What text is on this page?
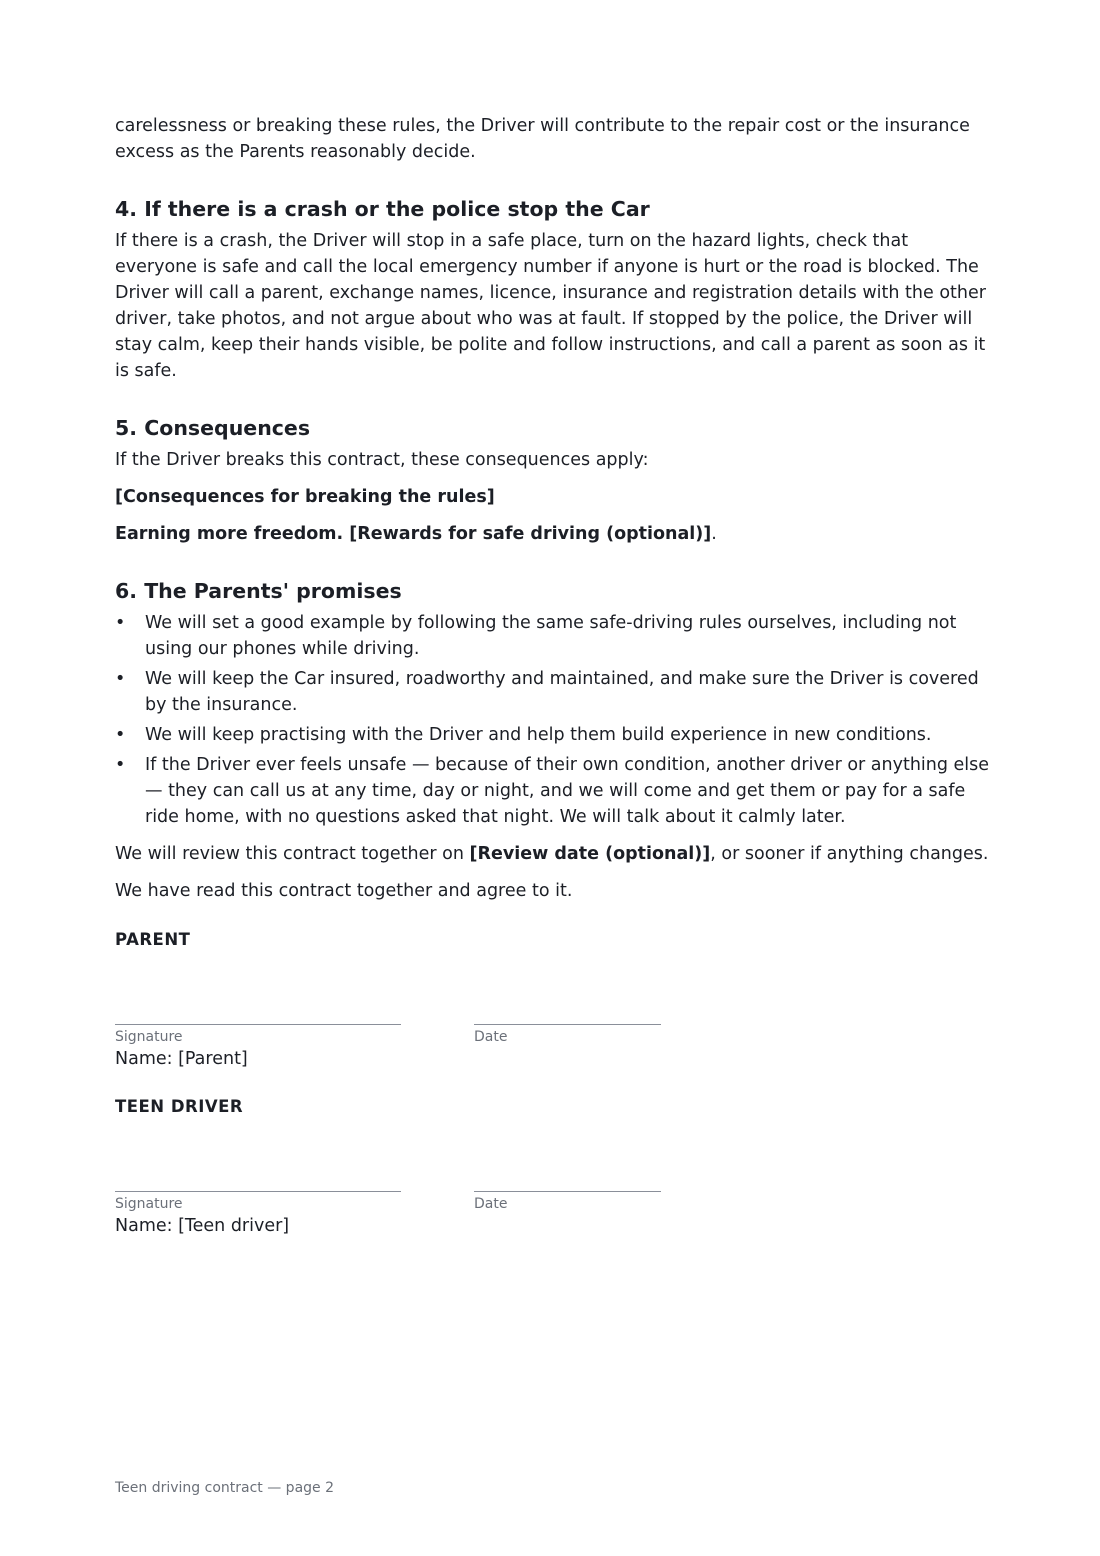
carelessness or breaking these rules, the Driver will contribute to the repair cost or the insurance excess as the Parents reasonably decide.

4. If there is a crash or the police stop the Car

If there is a crash, the Driver will stop in a safe place, turn on the hazard lights, check that everyone is safe and call the local emergency number if anyone is hurt or the road is blocked. The Driver will call a parent, exchange names, licence, insurance and registration details with the other driver, take photos, and not argue about who was at fault. If stopped by the police, the Driver will stay calm, keep their hands visible, be polite and follow instructions, and call a parent as soon as it is safe.

5. Consequences

If the Driver breaks this contract, these consequences apply:

[Consequences for breaking the rules]

Earning more freedom. [Rewards for safe driving (optional)].

6. The Parents' promises
• We will set a good example by following the same safe-driving rules ourselves, including not using our phones while driving.
• We will keep the Car insured, roadworthy and maintained, and make sure the Driver is covered by the insurance.
• We will keep practising with the Driver and help them build experience in new conditions.
• If the Driver ever feels unsafe — because of their own condition, another driver or anything else — they can call us at any time, day or night, and we will come and get them or pay for a safe ride home, with no questions asked that night. We will talk about it calmly later.

We will review this contract together on [Review date (optional)], or sooner if anything changes.

We have read this contract together and agree to it.

PARENT
Signature	Date
Name: [Parent]
TEEN DRIVER
Signature	Date
Name: [Teen driver]
Teen driving contract — page 2
